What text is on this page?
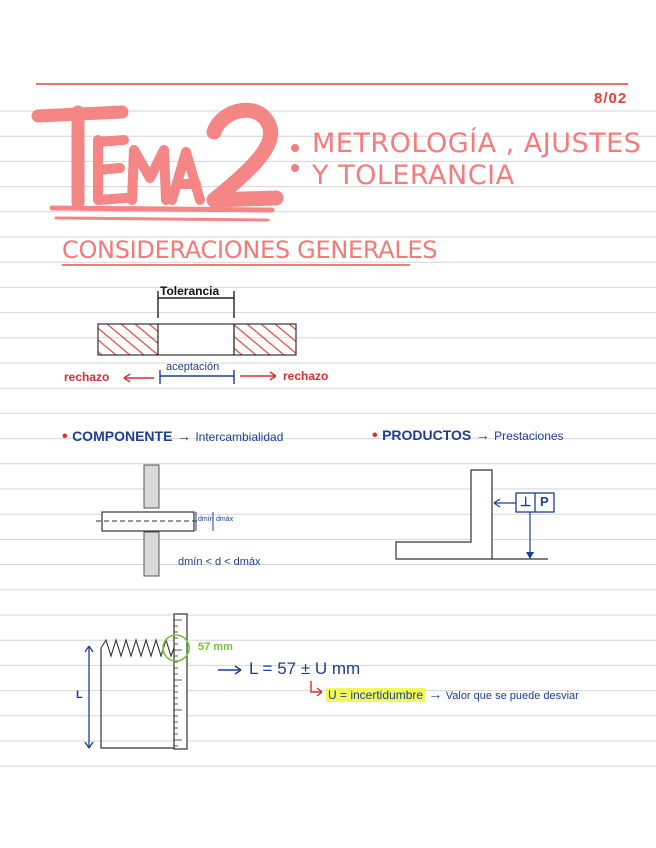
8/02
METROLOGÍA , AJUSTES
Y TOLERANCIA
CONSIDERACIONES GENERALES
Tolerancia
aceptación
rechazo	rechazo
• COMPONENTE → Intercambialidad	• PRODUCTOS → Prestaciones
dmín dmáx
dmín < d < dmáx
⊥ P
L
57 mm
L = 57 ± U mm
U = incertidumbre → Valor que se puede desviar
